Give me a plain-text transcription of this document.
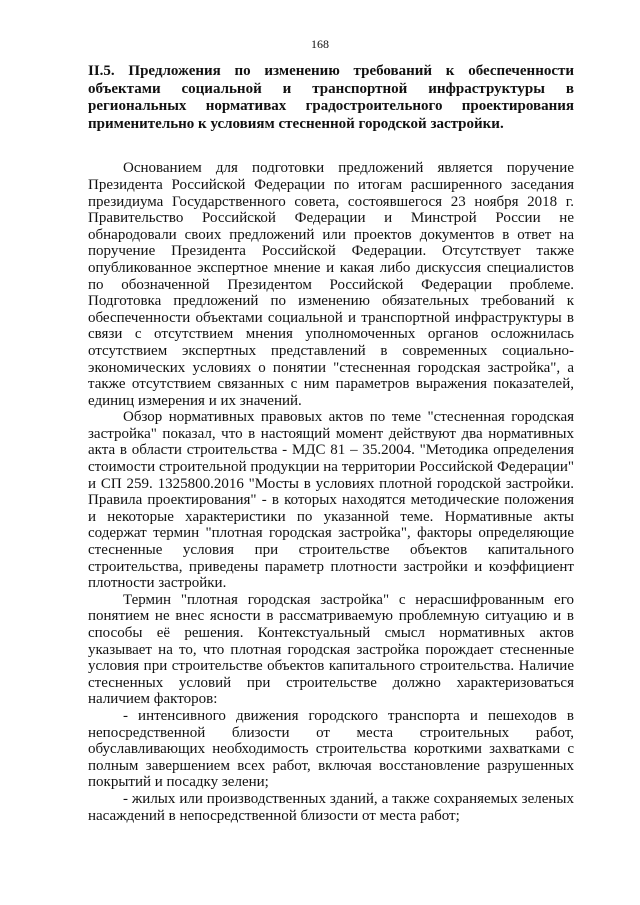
168

II.5. Предложения по изменению требований к обеспеченности объектами социальной и транспортной инфраструктуры в региональных нормативах градостроительного проектирования применительно к условиям стесненной городской застройки.

Основанием для подготовки предложений является поручение Президента Российской Федерации по итогам расширенного заседания президиума Государственного совета, состоявшегося 23 ноября 2018 г. Правительство Российской Федерации и Минстрой России не обнародовали своих предложений или проектов документов в ответ на поручение Президента Российской Федерации. Отсутствует также опубликованное экспертное мнение и какая либо дискуссия специалистов по обозначенной Президентом Российской Федерации проблеме. Подготовка предложений по изменению обязательных требований к обеспеченности объектами социальной и транспортной инфраструктуры в связи с отсутствием мнения уполномоченных органов осложнилась отсутствием экспертных представлений в современных социально-экономических условиях о понятии "стесненная городская застройка", а также отсутствием связанных с ним параметров выражения показателей, единиц измерения и их значений.

Обзор нормативных правовых актов по теме "стесненная городская застройка" показал, что в настоящий момент действуют два нормативных акта в области строительства - МДС 81 – 35.2004. "Методика определения стоимости строительной продукции на территории Российской Федерации" и СП 259. 1325800.2016 "Мосты в условиях плотной городской застройки. Правила проектирования" - в которых находятся методические положения и некоторые характеристики по указанной теме. Нормативные акты содержат термин "плотная городская застройка", факторы определяющие стесненные условия при строительстве объектов капитального строительства, приведены параметр плотности застройки и коэффициент плотности застройки.

Термин "плотная городская застройка" с нерасшифрованным его понятием не внес ясности в рассматриваемую проблемную ситуацию и в способы её решения. Контекстуальный смысл нормативных актов указывает на то, что плотная городская застройка порождает стесненные условия при строительстве объектов капитального строительства. Наличие стесненных условий при строительстве должно характеризоваться наличием факторов:

- интенсивного движения городского транспорта и пешеходов в непосредственной близости от места строительных работ, обуславливающих необходимость строительства короткими захватками с полным завершением всех работ, включая восстановление разрушенных покрытий и посадку зелени;

- жилых или производственных зданий, а также сохраняемых зеленых насаждений в непосредственной близости от места работ;
